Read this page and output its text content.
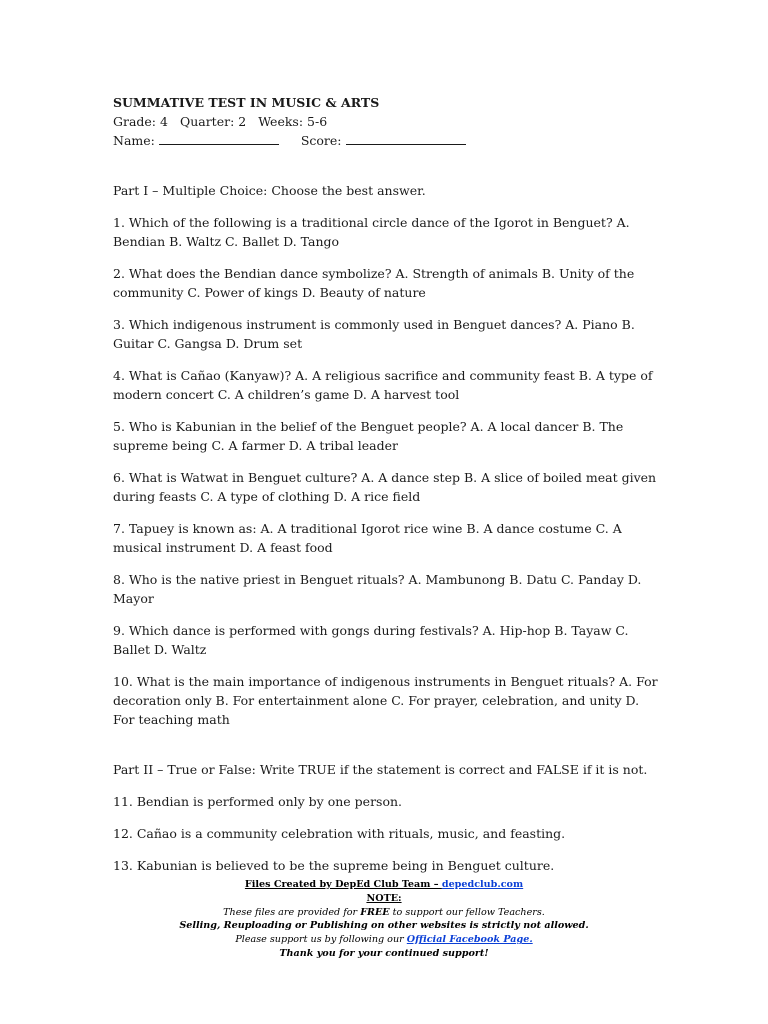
SUMMATIVE TEST IN MUSIC & ARTS

Grade: 4 Quarter: 2 Weeks: 5-6

Name:	Score:

Part I – Multiple Choice: Choose the best answer.

1. Which of the following is a traditional circle dance of the Igorot in Benguet? A. Bendian B. Waltz C. Ballet D. Tango

2. What does the Bendian dance symbolize? A. Strength of animals B. Unity of the community C. Power of kings D. Beauty of nature

3. Which indigenous instrument is commonly used in Benguet dances? A. Piano B. Guitar C. Gangsa D. Drum set

4. What is Cañao (Kanyaw)? A. A religious sacrifice and community feast B. A type of modern concert C. A children’s game D. A harvest tool

5. Who is Kabunian in the belief of the Benguet people? A. A local dancer B. The supreme being C. A farmer D. A tribal leader

6. What is Watwat in Benguet culture? A. A dance step B. A slice of boiled meat given during feasts C. A type of clothing D. A rice field

7. Tapuey is known as: A. A traditional Igorot rice wine B. A dance costume C. A musical instrument D. A feast food

8. Who is the native priest in Benguet rituals? A. Mambunong B. Datu C. Panday D. Mayor

9. Which dance is performed with gongs during festivals? A. Hip-hop B. Tayaw C. Ballet D. Waltz

10. What is the main importance of indigenous instruments in Benguet rituals? A. For decoration only B. For entertainment alone C. For prayer, celebration, and unity D. For teaching math

Part II – True or False: Write TRUE if the statement is correct and FALSE if it is not.

11. Bendian is performed only by one person.

12. Cañao is a community celebration with rituals, music, and feasting.

13. Kabunian is believed to be the supreme being in Benguet culture.

Files Created by DepEd Club Team – depedclub.com
NOTE:
These files are provided for FREE to support our fellow Teachers.
Selling, Reuploading or Publishing on other websites is strictly not allowed.
Please support us by following our Official Facebook Page.
Thank you for your continued support!
